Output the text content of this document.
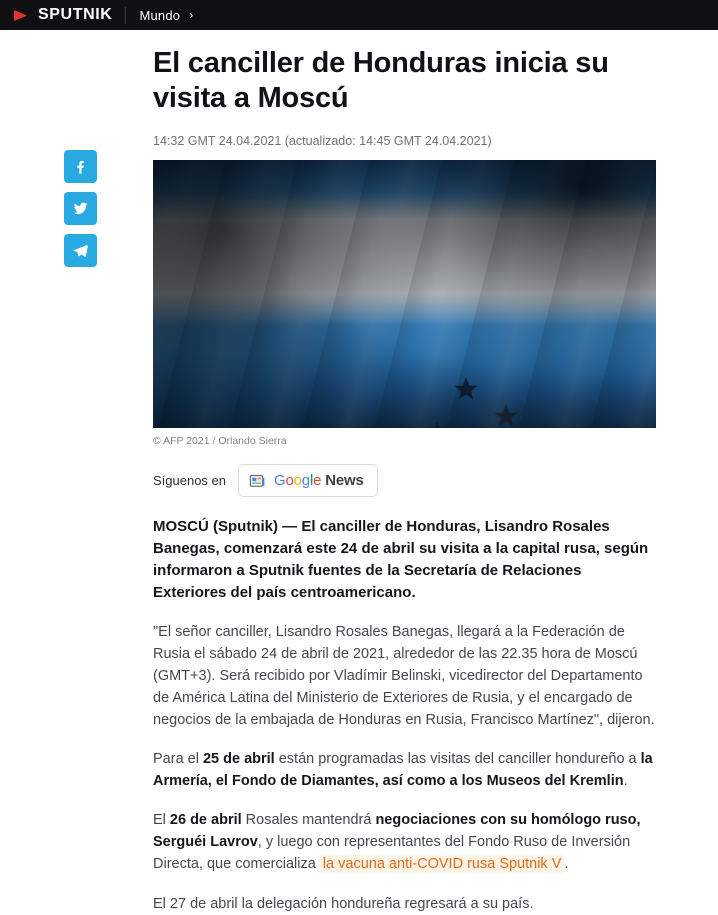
SPUTNIK Mundo ›
El canciller de Honduras inicia su visita a Moscú
14:32 GMT 24.04.2021 (actualizado: 14:45 GMT 24.04.2021)
© AFP 2021 / Orlando Sierra
Síguenos en	Google News
MOSCÚ (Sputnik) — El canciller de Honduras, Lisandro Rosales Banegas, comenzará este 24 de abril su visita a la capital rusa, según informaron a Sputnik fuentes de la Secretaría de Relaciones Exteriores del país centroamericano.

"El señor canciller, Lisandro Rosales Banegas, llegará a la Federación de Rusia el sábado 24 de abril de 2021, alrededor de las 22.35 hora de Moscú (GMT+3). Será recibido por Vladímir Belinski, vicedirector del Departamento de América Latina del Ministerio de Exteriores de Rusia, y el encargado de negocios de la embajada de Honduras en Rusia, Francisco Martínez", dijeron.

Para el 25 de abril están programadas las visitas del canciller hondureño a la Armería, el Fondo de Diamantes, así como a los Museos del Kremlin.

El 26 de abril Rosales mantendrá negociaciones con su homólogo ruso, Serguéi Lavrov, y luego con representantes del Fondo Ruso de Inversión Directa, que comercializa la vacuna anti-COVID rusa Sputnik V .

El 27 de abril la delegación hondureña regresará a su país.
